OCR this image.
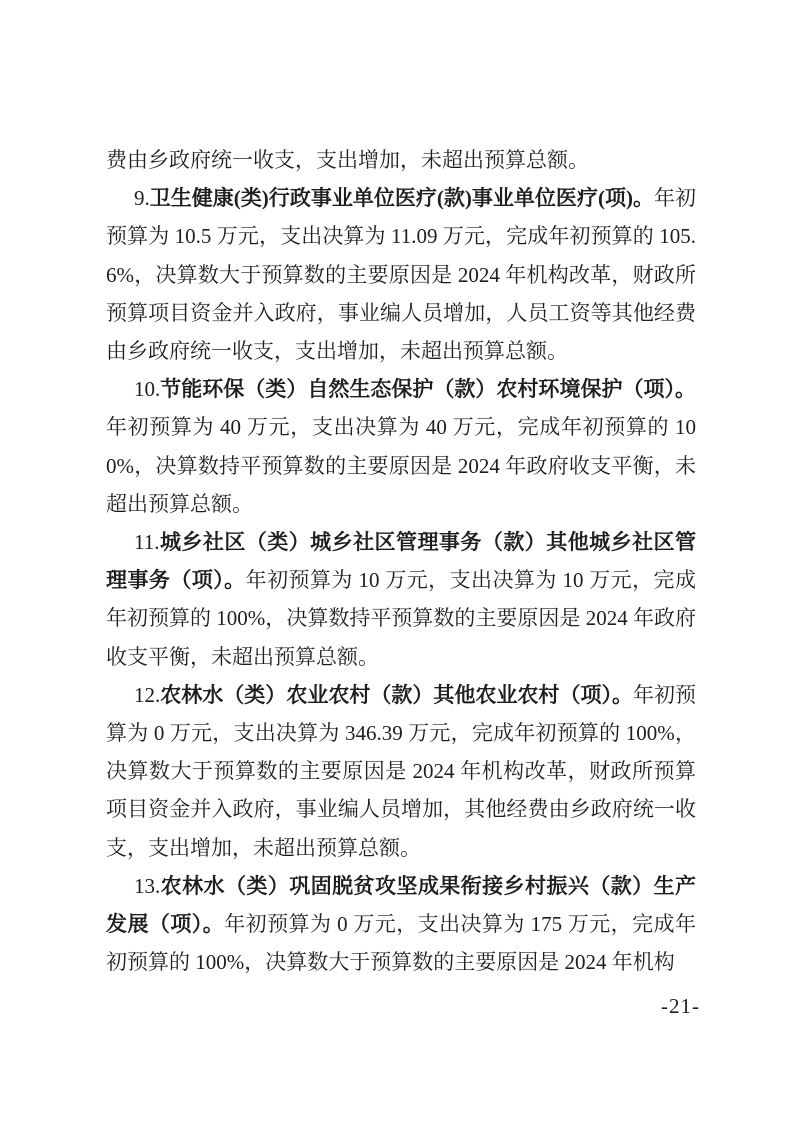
费由乡政府统一收支，支出增加，未超出预算总额。

9.卫生健康(类)行政事业单位医疗(款)事业单位医疗(项)。年初预算为 10.5 万元，支出决算为 11.09 万元，完成年初预算的 105.6%，决算数大于预算数的主要原因是 2024 年机构改革，财政所预算项目资金并入政府，事业编人员增加，人员工资等其他经费由乡政府统一收支，支出增加，未超出预算总额。

10.节能环保（类）自然生态保护（款）农村环境保护（项）。年初预算为 40 万元，支出决算为 40 万元，完成年初预算的 100%，决算数持平预算数的主要原因是 2024 年政府收支平衡，未超出预算总额。

11.城乡社区（类）城乡社区管理事务（款）其他城乡社区管理事务（项）。年初预算为 10 万元，支出决算为 10 万元，完成年初预算的 100%，决算数持平预算数的主要原因是 2024 年政府收支平衡，未超出预算总额。

12.农林水（类）农业农村（款）其他农业农村（项）。年初预算为 0 万元，支出决算为 346.39 万元，完成年初预算的 100%，决算数大于预算数的主要原因是 2024 年机构改革，财政所预算项目资金并入政府，事业编人员增加，其他经费由乡政府统一收支，支出增加，未超出预算总额。

13.农林水（类）巩固脱贫攻坚成果衔接乡村振兴（款）生产发展（项）。年初预算为 0 万元，支出决算为 175 万元，完成年初预算的 100%，决算数大于预算数的主要原因是 2024 年机构

-21-
